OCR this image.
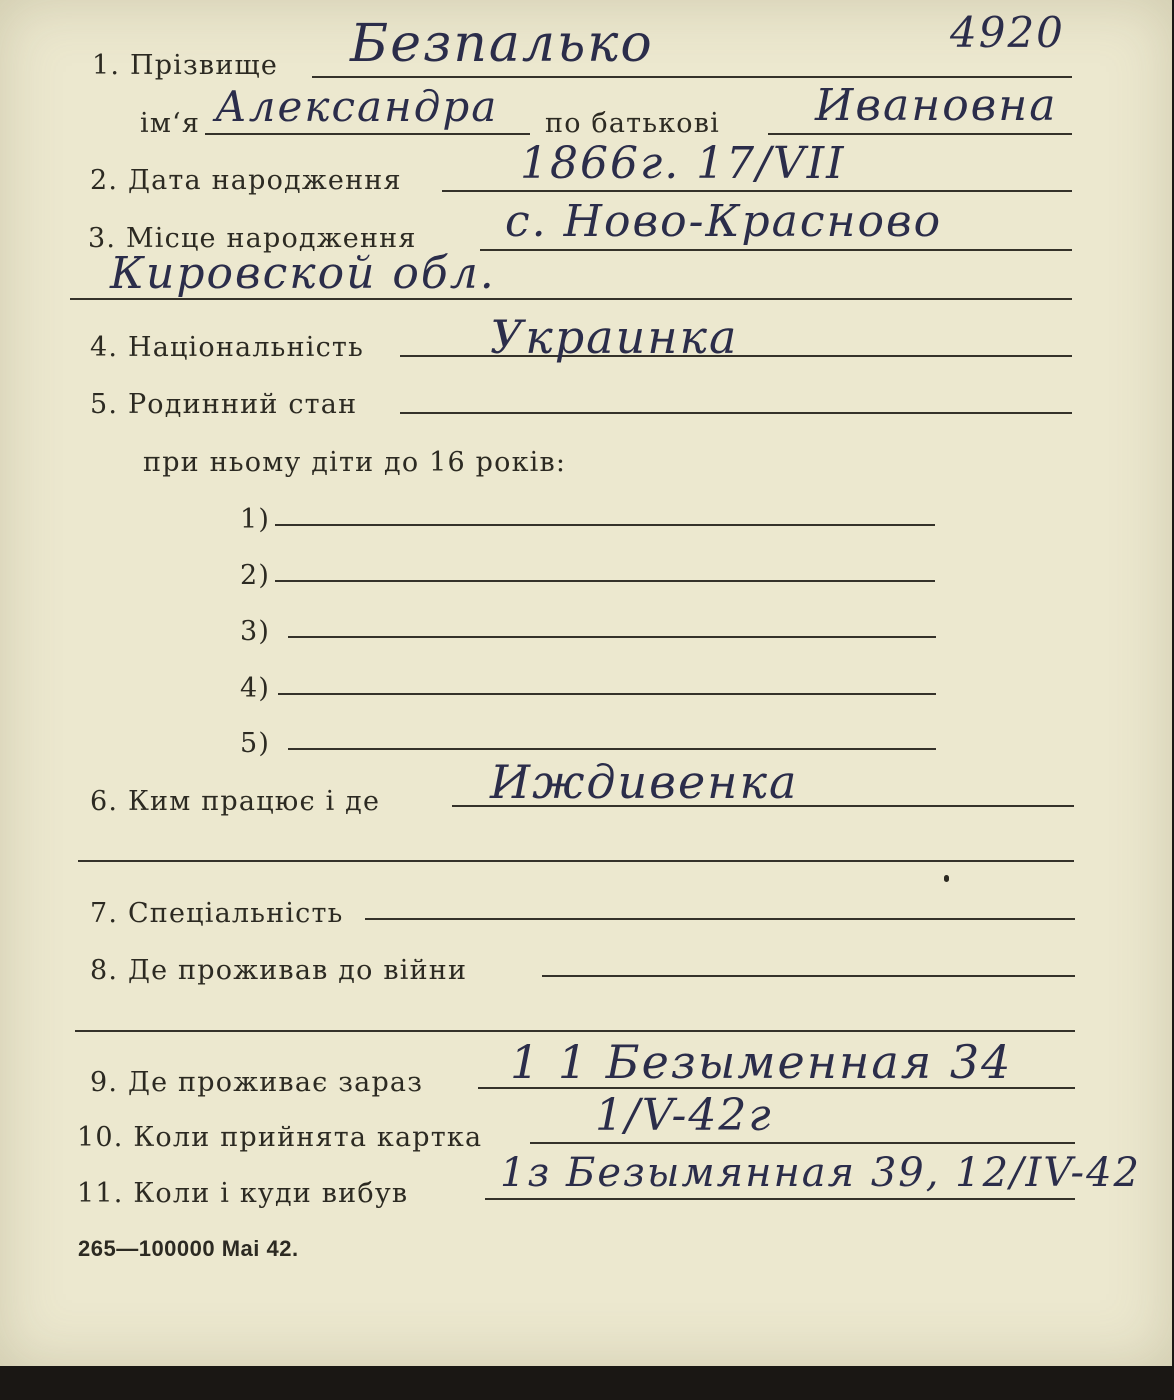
1. Прізвище Безпалько	4920
ім‘я Александра по батькові Ивановна
2. Дата народження	1866г. 17/VII
3. Місце народження с. Ново-Красново
Кировской обл.
4. Національність	Украинка
5. Родинний стан
при ньому діти до 16 років:
1)
2)
3)
4)
5)
6. Ким працює і де Иждивенка
7. Спеціальність
8. Де проживав до війни
9. Де проживає зараз 1 1 Безыменная 34
10. Коли прийнята картка	1/V-42г
11. Коли і куди вибув 1з Безымянная 39, 12/IV-42
265—100000 Mai 42.
